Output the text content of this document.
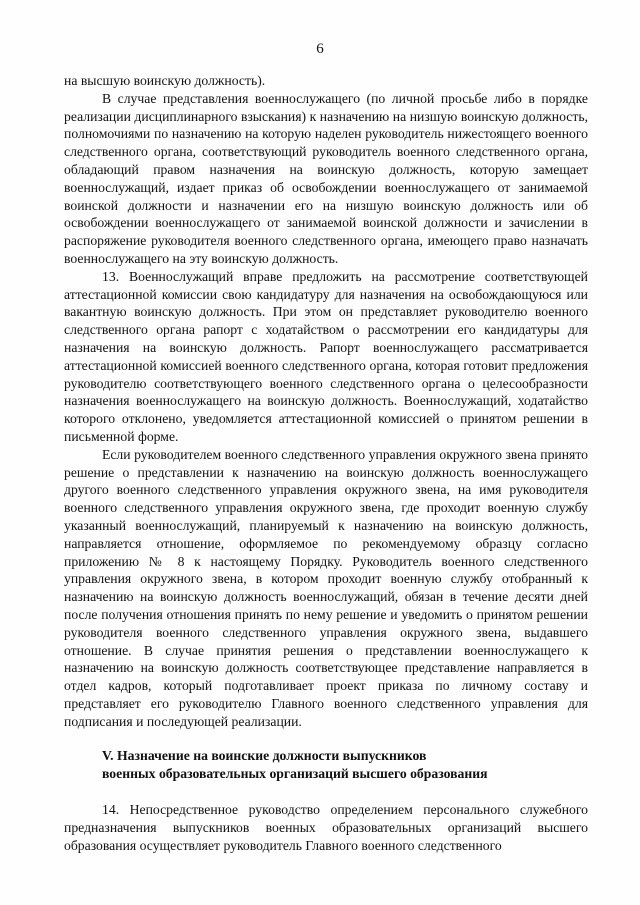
6

на высшую воинскую должность).

В случае представления военнослужащего (по личной просьбе либо в порядке реализации дисциплинарного взыскания) к назначению на низшую воинскую должность, полномочиями по назначению на которую наделен руководитель нижестоящего военного следственного органа, соответствующий руководитель военного следственного органа, обладающий правом назначения на воинскую должность, которую замещает военнослужащий, издает приказ об освобождении военнослужащего от занимаемой воинской должности и назначении его на низшую воинскую должность или об освобождении военнослужащего от занимаемой воинской должности и зачислении в распоряжение руководителя военного следственного органа, имеющего право назначать военнослужащего на эту воинскую должность.

13. Военнослужащий вправе предложить на рассмотрение соответствующей аттестационной комиссии свою кандидатуру для назначения на освобождающуюся или вакантную воинскую должность. При этом он представляет руководителю военного следственного органа рапорт с ходатайством о рассмотрении его кандидатуры для назначения на воинскую должность. Рапорт военнослужащего рассматривается аттестационной комиссией военного следственного органа, которая готовит предложения руководителю соответствующего военного следственного органа о целесообразности назначения военнослужащего на воинскую должность. Военнослужащий, ходатайство которого отклонено, уведомляется аттестационной комиссией о принятом решении в письменной форме.

Если руководителем военного следственного управления окружного звена принято решение о представлении к назначению на воинскую должность военнослужащего другого военного следственного управления окружного звена, на имя руководителя военного следственного управления окружного звена, где проходит военную службу указанный военнослужащий, планируемый к назначению на воинскую должность, направляется отношение, оформляемое по рекомендуемому образцу согласно приложению № 8 к настоящему Порядку. Руководитель военного следственного управления окружного звена, в котором проходит военную службу отобранный к назначению на воинскую должность военнослужащий, обязан в течение десяти дней после получения отношения принять по нему решение и уведомить о принятом решении руководителя военного следственного управления окружного звена, выдавшего отношение. В случае принятия решения о представлении военнослужащего к назначению на воинскую должность соответствующее представление направляется в отдел кадров, который подготавливает проект приказа по личному составу и представляет его руководителю Главного военного следственного управления для подписания и последующей реализации.

V. Назначение на воинские должности выпускников

военных образовательных организаций высшего образования

14. Непосредственное руководство определением персонального служебного предназначения выпускников военных образовательных организаций высшего образования осуществляет руководитель Главного военного следственного
